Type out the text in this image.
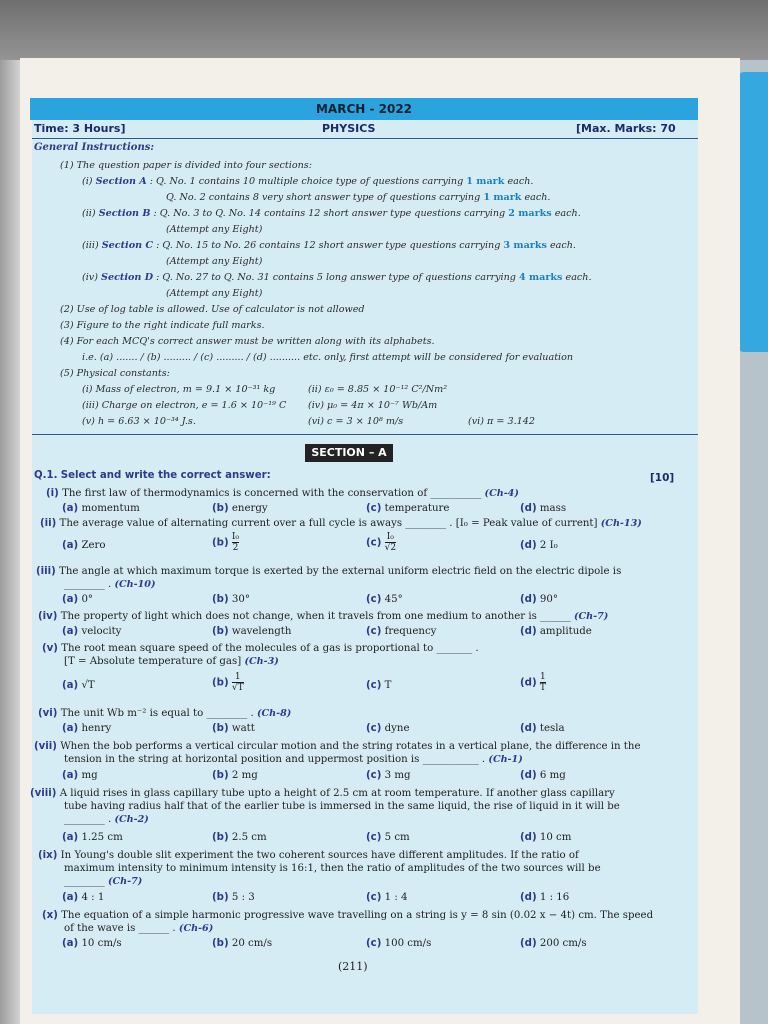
MARCH - 2022
Time: 3 Hours]	PHYSICS	[Max. Marks: 70
General Instructions:
(1) The question paper is divided into four sections:
(i) Section A : Q. No. 1 contains 10 multiple choice type of questions carrying 1 mark each.
Q. No. 2 contains 8 very short answer type of questions carrying 1 mark each.
(ii) Section B : Q. No. 3 to Q. No. 14 contains 12 short answer type questions carrying 2 marks each.
(Attempt any Eight)
(iii) Section C : Q. No. 15 to No. 26 contains 12 short answer type questions carrying 3 marks each.
(Attempt any Eight)
(iv) Section D : Q. No. 27 to Q. No. 31 contains 5 long answer type of questions carrying 4 marks each.
(Attempt any Eight)
(2) Use of log table is allowed. Use of calculator is not allowed
(3) Figure to the right indicate full marks.
(4) For each MCQ's correct answer must be written along with its alphabets.
i.e. (a) ....... / (b) ......... / (c) ......... / (d) .......... etc. only, first attempt will be considered for evaluation
(5) Physical constants:
(i) Mass of electron, m = 9.1 × 10⁻³¹ kg	(ii) ε₀ = 8.85 × 10⁻¹² C²/Nm²
(iii) Charge on electron, e = 1.6 × 10⁻¹⁹ C (iv) μ₀ = 4π × 10⁻⁷ Wb/Am
(v) h = 6.63 × 10⁻³⁴ J.s.	(vi) c = 3 × 10⁸ m/s	(vi) π = 3.142
SECTION – A
Q.1. Select and write the correct answer:	[10]
(i) The first law of thermodynamics is concerned with the conservation of __________ (Ch-4)
(a) momentum	(b) energy	(c) temperature	(d) mass
(ii) The average value of alternating current over a full cycle is aways ________ . [I₀ = Peak value of current] (Ch-13)
(a) Zero	$(b) \frac{\text{I₀}}{2}$	$(c) \frac{\text{I₀}}{√2}$	(d) 2 I₀
(iii) The angle at which maximum torque is exerted by the external uniform electric field on the electric dipole is
________ . (Ch-10)
(a) 0°	(b) 30°	(c) 45°	(d) 90°
(iv) The property of light which does not change, when it travels from one medium to another is ______ (Ch-7)
(a) velocity	(b) wavelength	(c) frequency	(d) amplitude
(v) The root mean square speed of the molecules of a gas is proportional to _______ .
[T = Absolute temperature of gas] (Ch-3)
(a) √T	$(b) \frac{1}{√T}$	(c) T	$(d) \frac{1}{T}$
(vi) The unit Wb m⁻² is equal to ________ . (Ch-8)
(a) henry	(b) watt	(c) dyne	(d) tesla
(vii) When the bob performs a vertical circular motion and the string rotates in a vertical plane, the difference in the
tension in the string at horizontal position and uppermost position is ___________ . (Ch-1)
(a) mg	(b) 2 mg	(c) 3 mg	(d) 6 mg
(viii) A liquid rises in glass capillary tube upto a height of 2.5 cm at room temperature. If another glass capillary
tube having radius half that of the earlier tube is immersed in the same liquid, the rise of liquid in it will be
________ . (Ch-2)
(a) 1.25 cm	(b) 2.5 cm	(c) 5 cm	(d) 10 cm
(ix) In Young's double slit experiment the two coherent sources have different amplitudes. If the ratio of
maximum intensity to minimum intensity is 16:1, then the ratio of amplitudes of the two sources will be
________ (Ch-7)
(a) 4 : 1	(b) 5 : 3	(c) 1 : 4	(d) 1 : 16
(x) The equation of a simple harmonic progressive wave travelling on a string is y = 8 sin (0.02 x − 4t) cm. The speed
of the wave is ______ . (Ch-6)
(a) 10 cm/s	(b) 20 cm/s	(c) 100 cm/s	(d) 200 cm/s
(211)
